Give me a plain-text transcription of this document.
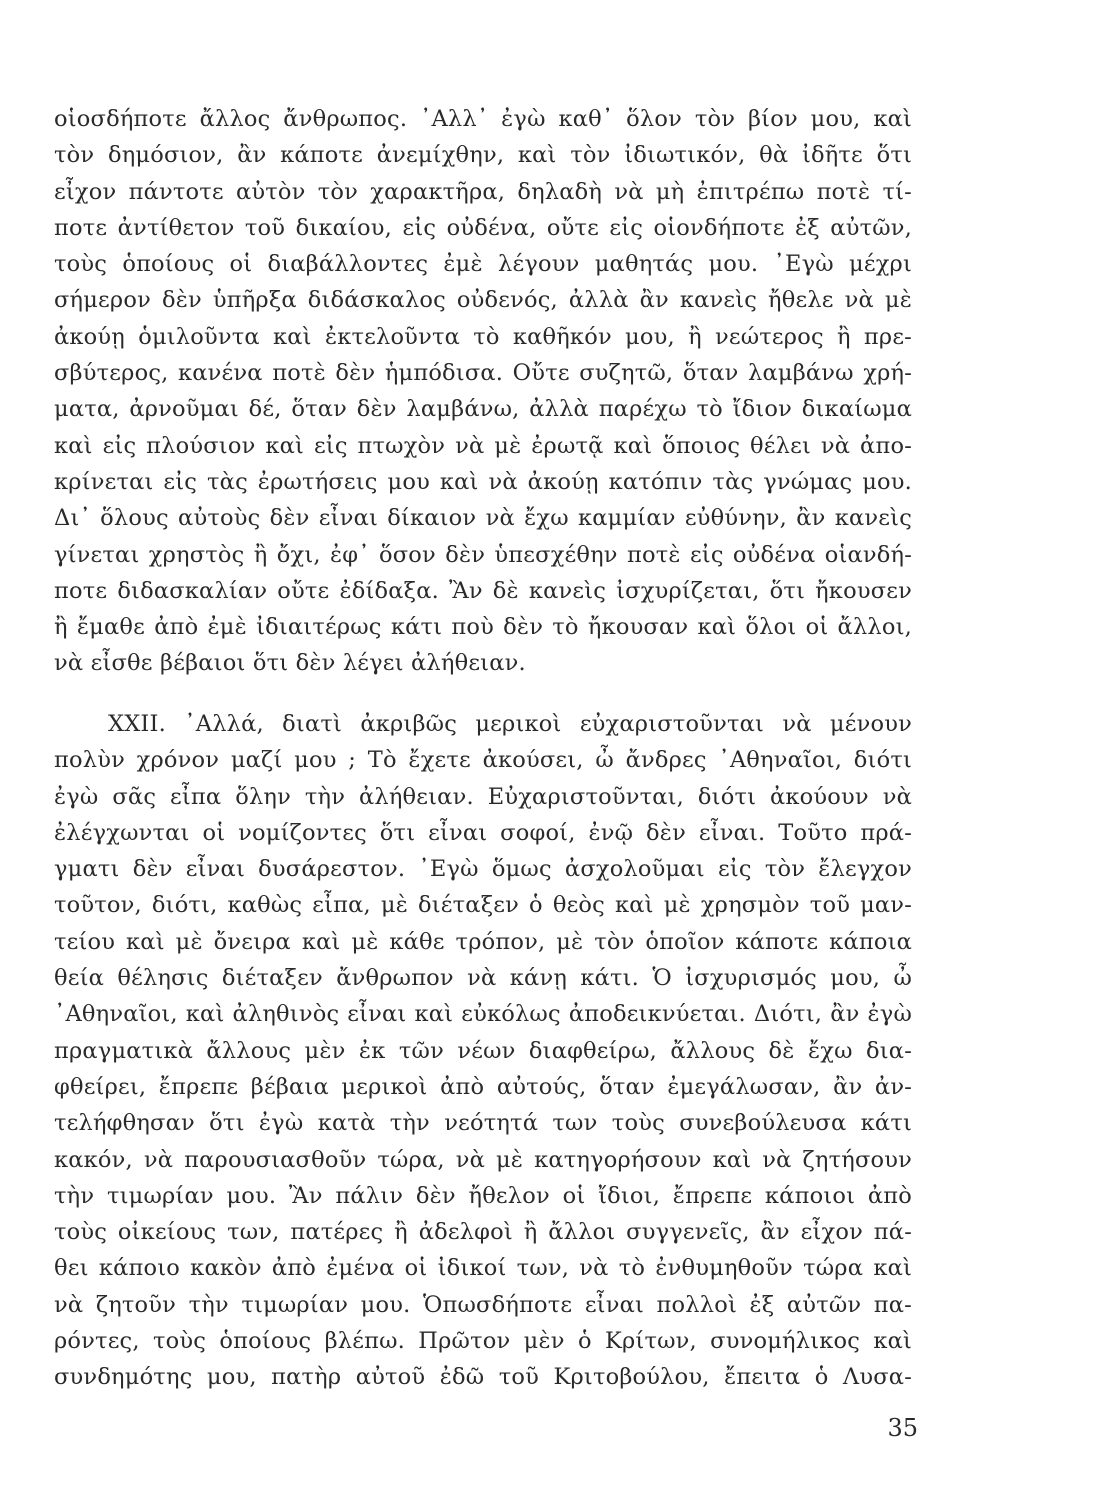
οἱοσδήποτε ἄλλος ἄνθρωπος. ᾿Αλλ᾿ ἐγὼ καθ᾿ ὅλον τὸν βίον μου, καὶ
τὸν δημόσιον, ἂν κάποτε ἀνεμίχθην, καὶ τὸν ἰδιωτικόν, θὰ ἰδῆτε ὅτι
εἶχον πάντοτε αὐτὸν τὸν χαρακτῆρα, δηλαδὴ νὰ μὴ ἐπιτρέπω ποτὲ τί-
ποτε ἀντίθετον τοῦ δικαίου, εἰς οὐδένα, οὔτε εἰς οἱονδήποτε ἐξ αὐτῶν,
τοὺς ὁποίους οἱ διαβάλλοντες ἐμὲ λέγουν μαθητάς μου. ᾿Εγὼ μέχρι
σήμερον δὲν ὑπῆρξα διδάσκαλος οὐδενός, ἀλλὰ ἂν κανεὶς ἤθελε νὰ μὲ
ἀκούῃ ὁμιλοῦντα καὶ ἐκτελοῦντα τὸ καθῆκόν μου, ἢ νεώτερος ἢ πρε-
σβύτερος, κανένα ποτὲ δὲν ἡμπόδισα. Οὔτε συζητῶ, ὅταν λαμβάνω χρή-
ματα, ἀρνοῦμαι δέ, ὅταν δὲν λαμβάνω, ἀλλὰ παρέχω τὸ ἴδιον δικαίωμα
καὶ εἰς πλούσιον καὶ εἰς πτωχὸν νὰ μὲ ἐρωτᾷ καὶ ὅποιος θέλει νὰ ἀπο-
κρίνεται εἰς τὰς ἐρωτήσεις μου καὶ νὰ ἀκούῃ κατόπιν τὰς γνώμας μου.
Δι᾿ ὅλους αὐτοὺς δὲν εἶναι δίκαιον νὰ ἔχω καμμίαν εὐθύνην, ἂν κανεὶς
γίνεται χρηστὸς ἢ ὄχι, ἐφ᾿ ὅσον δὲν ὑπεσχέθην ποτὲ εἰς οὐδένα οἱανδή-
ποτε διδασκαλίαν οὔτε ἐδίδαξα. Ἂν δὲ κανεὶς ἰσχυρίζεται, ὅτι ἤκουσεν
ἢ ἔμαθε ἀπὸ ἐμὲ ἰδιαιτέρως κάτι ποὺ δὲν τὸ ἤκουσαν καὶ ὅλοι οἱ ἄλλοι,
νὰ εἶσθε βέβαιοι ὅτι δὲν λέγει ἀλήθειαν.
XXII. ᾿Αλλά, διατὶ ἀκριβῶς μερικοὶ εὐχαριστοῦνται νὰ μένουν
πολὺν χρόνον μαζί μου ; Τὸ ἔχετε ἀκούσει, ὦ ἄνδρες ᾿Αθηναῖοι, διότι
ἐγὼ σᾶς εἶπα ὅλην τὴν ἀλήθειαν. Εὐχαριστοῦνται, διότι ἀκούουν νὰ
ἐλέγχωνται οἱ νομίζοντες ὅτι εἶναι σοφοί, ἐνῷ δὲν εἶναι. Τοῦτο πρά-
γματι δὲν εἶναι δυσάρεστον. ᾿Εγὼ ὅμως ἀσχολοῦμαι εἰς τὸν ἔλεγχον
τοῦτον, διότι, καθὼς εἶπα, μὲ διέταξεν ὁ θεὸς καὶ μὲ χρησμὸν τοῦ μαν-
τείου καὶ μὲ ὄνειρα καὶ μὲ κάθε τρόπον, μὲ τὸν ὁποῖον κάποτε κάποια
θεία θέλησις διέταξεν ἄνθρωπον νὰ κάνῃ κάτι. Ὁ ἰσχυρισμός μου, ὦ
᾿Αθηναῖοι, καὶ ἀληθινὸς εἶναι καὶ εὐκόλως ἀποδεικνύεται. Διότι, ἂν ἐγὼ
πραγματικὰ ἄλλους μὲν ἐκ τῶν νέων διαφθείρω, ἄλλους δὲ ἔχω δια-
φθείρει, ἔπρεπε βέβαια μερικοὶ ἀπὸ αὐτούς, ὅταν ἐμεγάλωσαν, ἂν ἀν-
τελήφθησαν ὅτι ἐγὼ κατὰ τὴν νεότητά των τοὺς συνεβούλευσα κάτι
κακόν, νὰ παρουσιασθοῦν τώρα, νὰ μὲ κατηγορήσουν καὶ νὰ ζητήσουν
τὴν τιμωρίαν μου. Ἂν πάλιν δὲν ἤθελον οἱ ἴδιοι, ἔπρεπε κάποιοι ἀπὸ
τοὺς οἰκείους των, πατέρες ἢ ἀδελφοὶ ἢ ἄλλοι συγγενεῖς, ἂν εἶχον πά-
θει κάποιο κακὸν ἀπὸ ἐμένα οἱ ἰδικοί των, νὰ τὸ ἐνθυμηθοῦν τώρα καὶ
νὰ ζητοῦν τὴν τιμωρίαν μου. Ὁπωσδήποτε εἶναι πολλοὶ ἐξ αὐτῶν πα-
ρόντες, τοὺς ὁποίους βλέπω. Πρῶτον μὲν ὁ Κρίτων, συνομήλικος καὶ
συνδημότης μου, πατὴρ αὐτοῦ ἐδῶ τοῦ Κριτοβούλου, ἔπειτα ὁ Λυσα-
35
